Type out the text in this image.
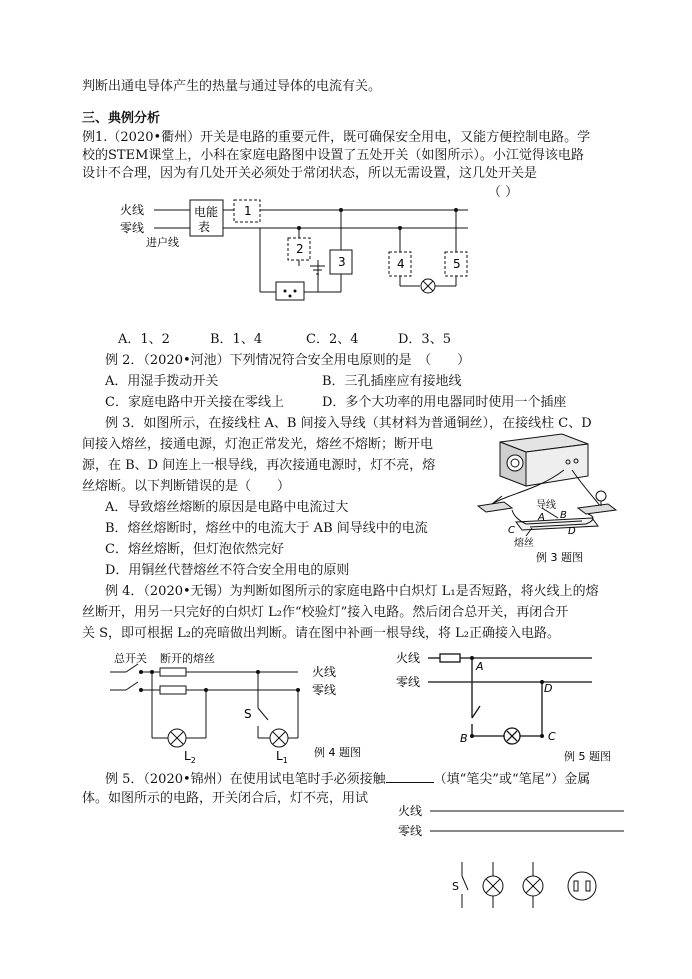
判断出通电导体产生的热量与通过导体的电流有关。
三、典例分析
例1.（2020•衢州）开关是电路的重要元件，既可确保安全用电，又能方便控制电路。学
校的STEM课堂上，小科在家庭电路图中设置了五处开关（如图所示）。小江觉得该电路
设计不合理，因为有几处开关必须处于常闭状态，所以无需设置，这几处开关是
（ ）
火线
零线
电能
表
进户线
1
2
3	4	5
A．1、2	B．1、4	C．2、4	D．3、5
例 2．（2020•河池）下列情况符合安全用电原则的是　（　　）
A．用湿手拨动开关	B．三孔插座应有接地线
C．家庭电路中开关接在零线上	D．多个大功率的用电器同时使用一个插座
例 3．如图所示，在接线柱 A、B 间接入导线（其材料为普通铜丝），在接线柱 C、D
间接入熔丝，接通电源，灯泡正常发光，熔丝不熔断；断开电
源，在 B、D 间连上一根导线，再次接通电源时，灯不亮，熔
丝熔断。以下判断错误的是（　　）
A．导致熔丝熔断的原因是电路中电流过大
B．熔丝熔断时，熔丝中的电流大于 AB 间导线中的电流
C．熔丝熔断，但灯泡依然完好
D．用铜丝代替熔丝不符合安全用电的原则
导线
A B
C	D
熔丝
例 3 题图
例 4．（2020•无锡）为判断如图所示的家庭电路中白炽灯 L₁是否短路，将火线上的熔
丝断开，用另一只完好的白炽灯 L₂作“校验灯”接入电路。然后闭合总开关，再闭合开
关 S，即可根据 L₂的亮暗做出判断。请在图中补画一根导线，将 L₂正确接入电路。
总开关 断开的熔丝
火线
零线
S
$L_2$	$L_1$
例 4 题图
火线
零线
A
B	C
D
例 5 题图
例 5．（2020•锦州）在使用试电笔时手必须接触	（填“笔尖”或“笔尾”）金属
体。如图所示的电路，开关闭合后，灯不亮，用试
火线
零线
S
